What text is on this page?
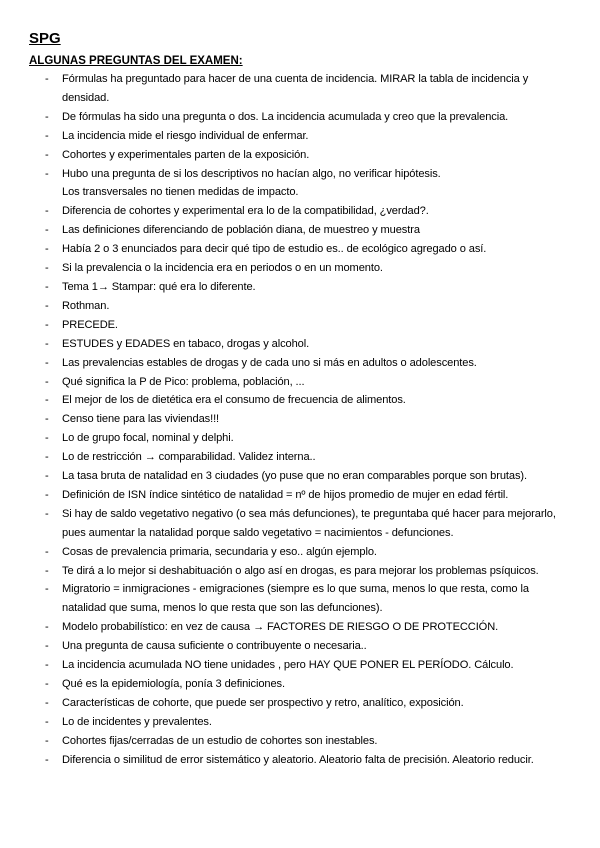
SPG
ALGUNAS PREGUNTAS DEL EXAMEN:
- Fórmulas ha preguntado para hacer de una cuenta de incidencia. MIRAR la tabla de incidencia y
densidad.
- De fórmulas ha sido una pregunta o dos. La incidencia acumulada y creo que la prevalencia.
- La incidencia mide el riesgo individual de enfermar.
- Cohortes y experimentales parten de la exposición.
- Hubo una pregunta de si los descriptivos no hacían algo, no verificar hipótesis.
Los transversales no tienen medidas de impacto.
- Diferencia de cohortes y experimental era lo de la compatibilidad, ¿verdad?.
- Las definiciones diferenciando de población diana, de muestreo y muestra
- Había 2 o 3 enunciados para decir qué tipo de estudio es.. de ecológico agregado o así.
- Si la prevalencia o la incidencia era en periodos o en un momento.
- Tema 1→ Stampar: qué era lo diferente.
- Rothman.
- PRECEDE.
- ESTUDES y EDADES en tabaco, drogas y alcohol.
- Las prevalencias estables de drogas y de cada uno si más en adultos o adolescentes.
- Qué significa la P de Pico: problema, población, ...
- El mejor de los de dietética era el consumo de frecuencia de alimentos.
- Censo tiene para las viviendas!!!
- Lo de grupo focal, nominal y delphi.
- Lo de restricción → comparabilidad. Validez interna..
- La tasa bruta de natalidad en 3 ciudades (yo puse que no eran comparables porque son brutas).
- Definición de ISN índice sintético de natalidad = nº de hijos promedio de mujer en edad fértil.
- Si hay de saldo vegetativo negativo (o sea más defunciones), te preguntaba qué hacer para mejorarlo,
pues aumentar la natalidad porque saldo vegetativo = nacimientos - defunciones.
- Cosas de prevalencia primaria, secundaria y eso.. algún ejemplo.
- Te dirá a lo mejor si deshabituación o algo así en drogas, es para mejorar los problemas psíquicos.
- Migratorio = inmigraciones - emigraciones (siempre es lo que suma, menos lo que resta, como la
natalidad que suma, menos lo que resta que son las defunciones).
- Modelo probabilístico: en vez de causa → FACTORES DE RIESGO O DE PROTECCIÓN.
- Una pregunta de causa suficiente o contribuyente o necesaria..
- La incidencia acumulada NO tiene unidades , pero HAY QUE PONER EL PERÍODO. Cálculo.
- Qué es la epidemiología, ponía 3 definiciones.
- Características de cohorte, que puede ser prospectivo y retro, analítico, exposición.
- Lo de incidentes y prevalentes.
- Cohortes fijas/cerradas de un estudio de cohortes son inestables.
- Diferencia o similitud de error sistemático y aleatorio. Aleatorio falta de precisión. Aleatorio reducir.
